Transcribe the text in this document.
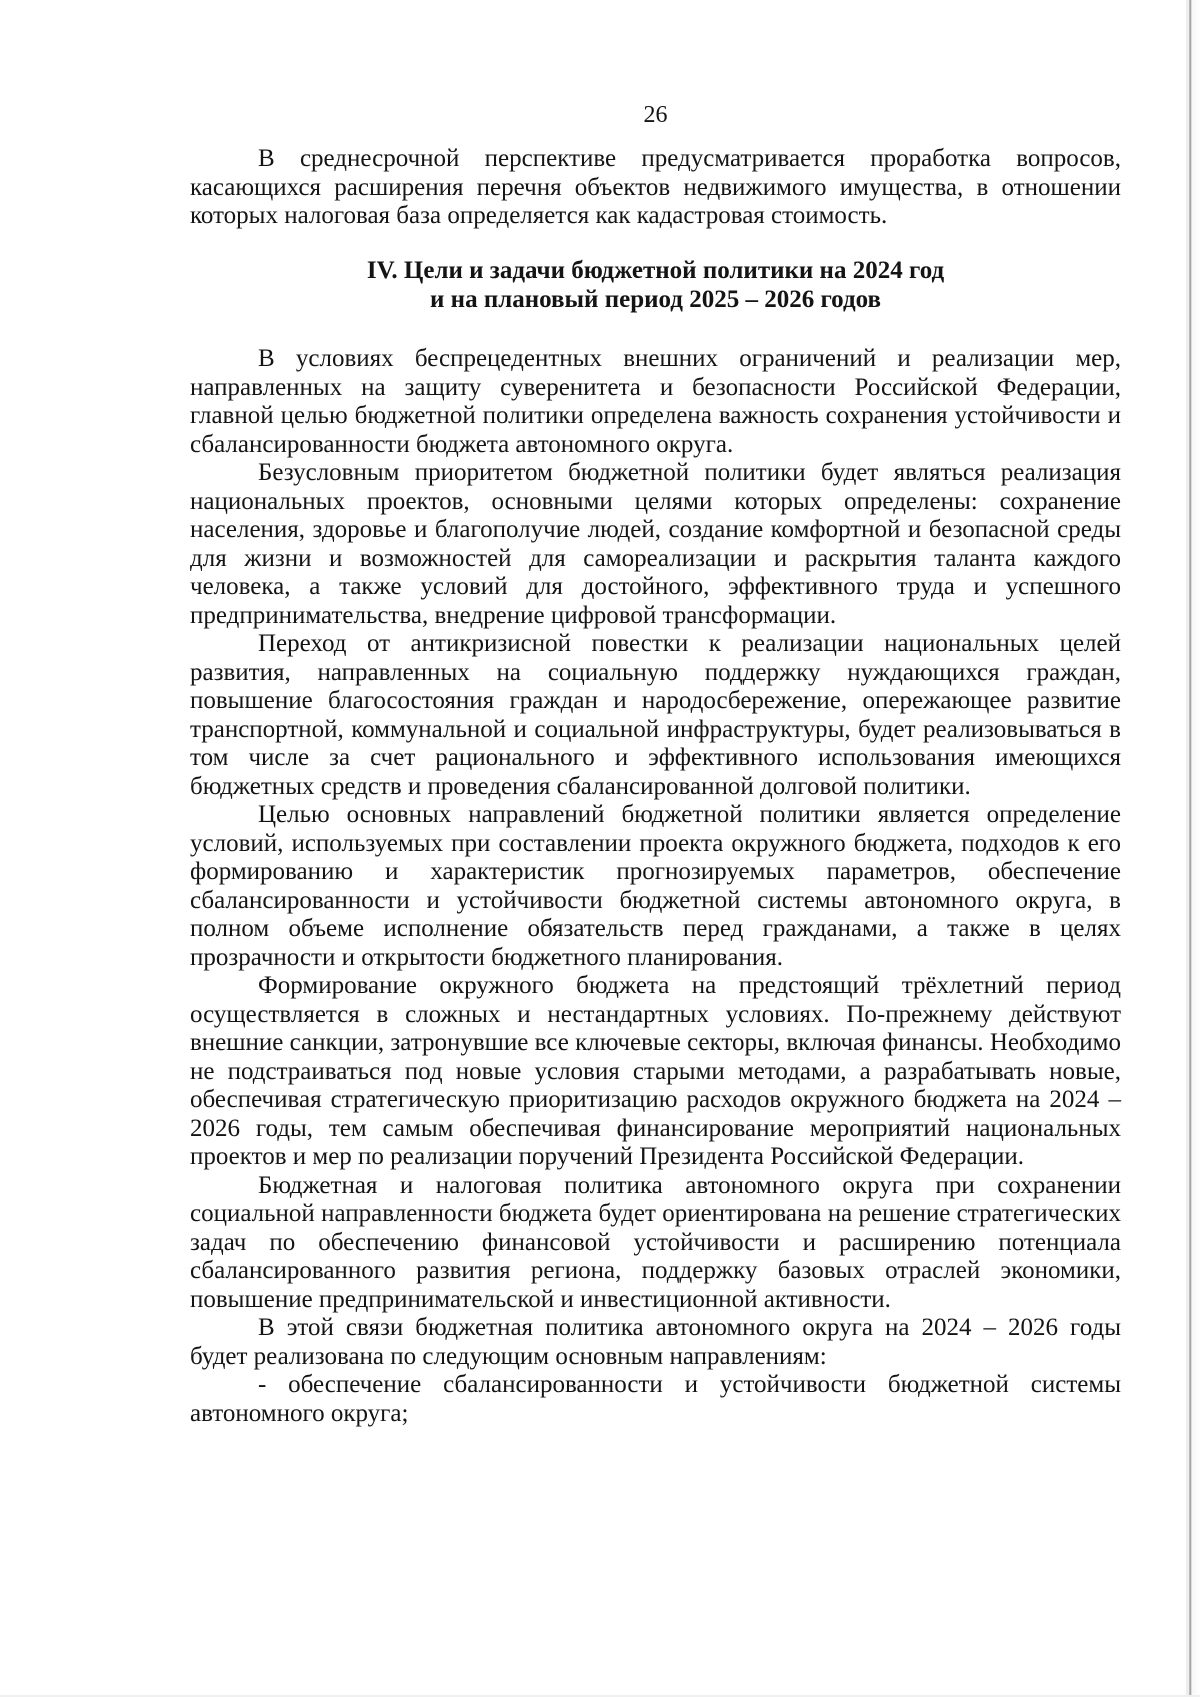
26

В среднесрочной перспективе предусматривается проработка вопросов, касающихся расширения перечня объектов недвижимого имущества, в отношении которых налоговая база определяется как кадастровая стоимость.

IV. Цели и задачи бюджетной политики на 2024 год
и на плановый период 2025 – 2026 годов

В условиях беспрецедентных внешних ограничений и реализации мер, направленных на защиту суверенитета и безопасности Российской Федерации, главной целью бюджетной политики определена важность сохранения устойчивости и сбалансированности бюджета автономного округа.

Безусловным приоритетом бюджетной политики будет являться реализация национальных проектов, основными целями которых определены: сохранение населения, здоровье и благополучие людей, создание комфортной и безопасной среды для жизни и возможностей для самореализации и раскрытия таланта каждого человека, а также условий для достойного, эффективного труда и успешного предпринимательства, внедрение цифровой трансформации.

Переход от антикризисной повестки к реализации национальных целей развития, направленных на социальную поддержку нуждающихся граждан, повышение благосостояния граждан и народосбережение, опережающее развитие транспортной, коммунальной и социальной инфраструктуры, будет реализовываться в том числе за счет рационального и эффективного использования имеющихся бюджетных средств и проведения сбалансированной долговой политики.

Целью основных направлений бюджетной политики является определение условий, используемых при составлении проекта окружного бюджета, подходов к его формированию и характеристик прогнозируемых параметров, обеспечение сбалансированности и устойчивости бюджетной системы автономного округа, в полном объеме исполнение обязательств перед гражданами, а также в целях прозрачности и открытости бюджетного планирования.

Формирование окружного бюджета на предстоящий трёхлетний период осуществляется в сложных и нестандартных условиях. По-прежнему действуют внешние санкции, затронувшие все ключевые секторы, включая финансы. Необходимо не подстраиваться под новые условия старыми методами, а разрабатывать новые, обеспечивая стратегическую приоритизацию расходов окружного бюджета на 2024 – 2026 годы, тем самым обеспечивая финансирование мероприятий национальных проектов и мер по реализации поручений Президента Российской Федерации.

Бюджетная и налоговая политика автономного округа при сохранении социальной направленности бюджета будет ориентирована на решение стратегических задач по обеспечению финансовой устойчивости и расширению потенциала сбалансированного развития региона, поддержку базовых отраслей экономики, повышение предпринимательской и инвестиционной активности.

В этой связи бюджетная политика автономного округа на 2024 – 2026 годы будет реализована по следующим основным направлениям:

- обеспечение сбалансированности и устойчивости бюджетной системы автономного округа;
